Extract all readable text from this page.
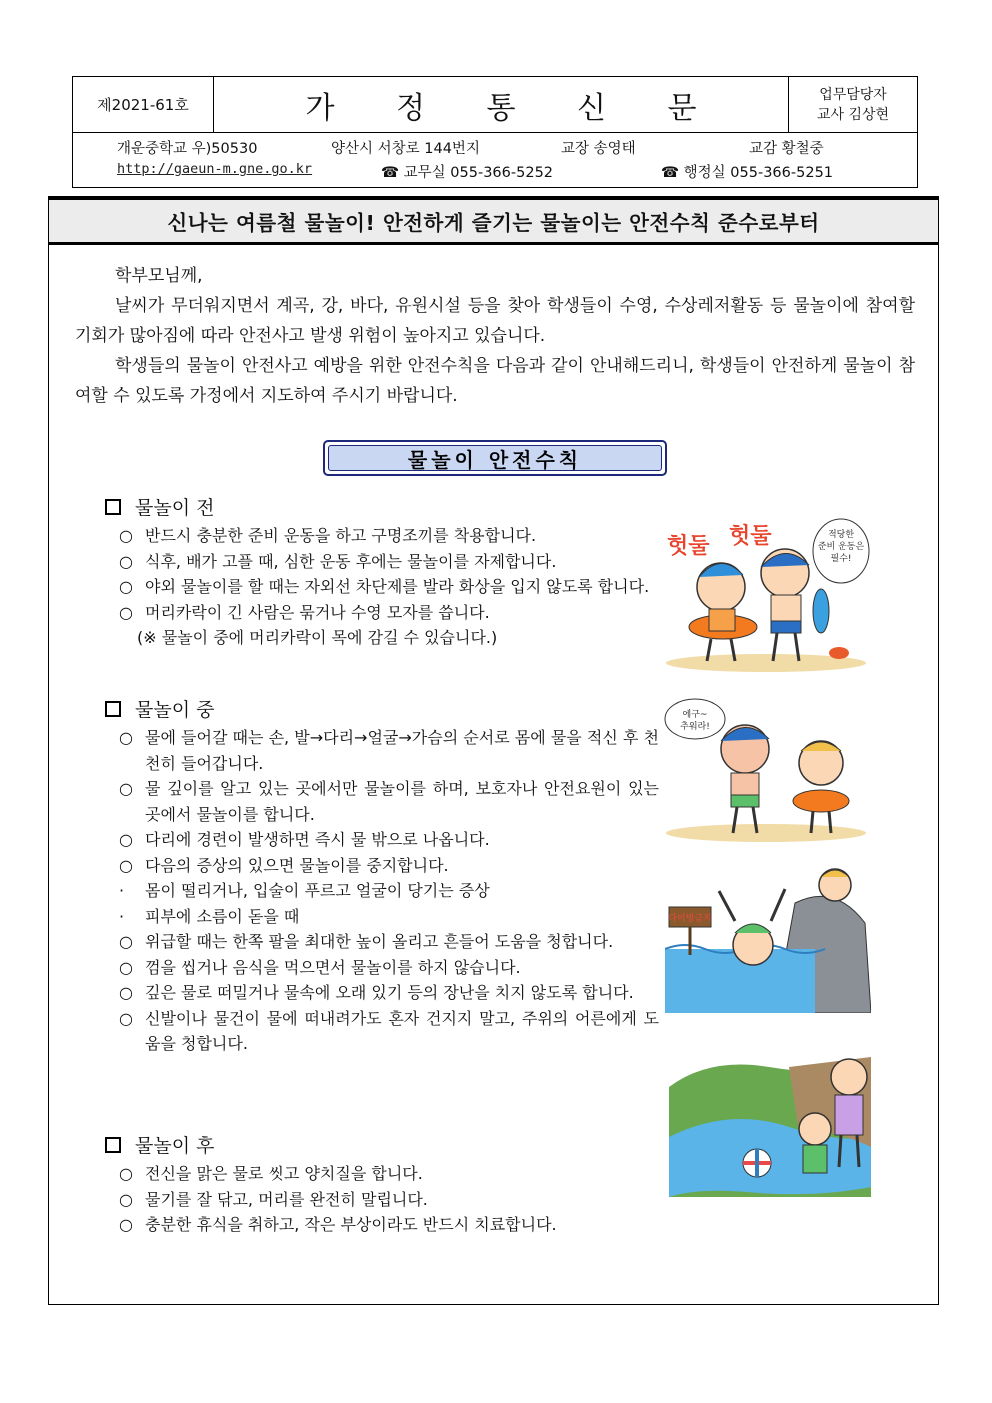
제2021-61호	가 정 통 신 문	업무담당자
교사 김상현
개운중학교 우)50530	양산시 서창로 144번지	교장 송영태	교감 황철중
http://gaeun-m.gne.go.kr	☎ 교무실 055-366-5252	☎ 행정실 055-366-5251
신나는 여름철 물놀이! 안전하게 즐기는 물놀이는 안전수칙 준수로부터

학부모님께,

날씨가 무더워지면서 계곡, 강, 바다, 유원시설 등을 찾아 학생들이 수영, 수상레저활동 등 물놀이에 참여할 기회가 많아짐에 따라 안전사고 발생 위험이 높아지고 있습니다.

학생들의 물놀이 안전사고 예방을 위한 안전수칙을 다음과 같이 안내해드리니, 학생들이 안전하게 물놀이 참여할 수 있도록 가정에서 지도하여 주시기 바랍니다.

물놀이 안전수칙
물놀이 전
○ 반드시 충분한 준비 운동을 하고 구명조끼를 착용합니다.
○ 식후, 배가 고플 때, 심한 운동 후에는 물놀이를 자제합니다.
○ 야외 물놀이를 할 때는 자외선 차단제를 발라 화상을 입지 않도록 합니다.
○ 머리카락이 긴 사람은 묶거나 수영 모자를 씁니다.
(※ 물놀이 중에 머리카락이 목에 감길 수 있습니다.)
물놀이 중
○ 물에 들어갈 때는 손, 발→다리→얼굴→가슴의 순서로 몸에 물을 적신 후 천천히 들어갑니다.
○ 물 깊이를 알고 있는 곳에서만 물놀이를 하며, 보호자나 안전요원이 있는 곳에서 물놀이를 합니다.
○ 다리에 경련이 발생하면 즉시 물 밖으로 나옵니다.
○ 다음의 증상의 있으면 물놀이를 중지합니다.
· 몸이 떨리거나, 입술이 푸르고 얼굴이 당기는 증상
· 피부에 소름이 돋을 때
○ 위급할 때는 한쪽 팔을 최대한 높이 올리고 흔들어 도움을 청합니다.
○ 껌을 씹거나 음식을 먹으면서 물놀이를 하지 않습니다.
○ 깊은 물로 떠밀거나 물속에 오래 있기 등의 장난을 치지 않도록 합니다.
○ 신발이나 물건이 물에 떠내려가도 혼자 건지지 말고, 주위의 어른에게 도움을 청합니다.
물놀이 후
○ 전신을 맑은 물로 씻고 양치질을 합니다.
○ 물기를 잘 닦고, 머리를 완전히 말립니다.
○ 충분한 휴식을 취하고, 작은 부상이라도 반드시 치료합니다.
헛둘 헛둘	적당한
준비 운동은
필수!
에구~
추워라!
다이빙금지
